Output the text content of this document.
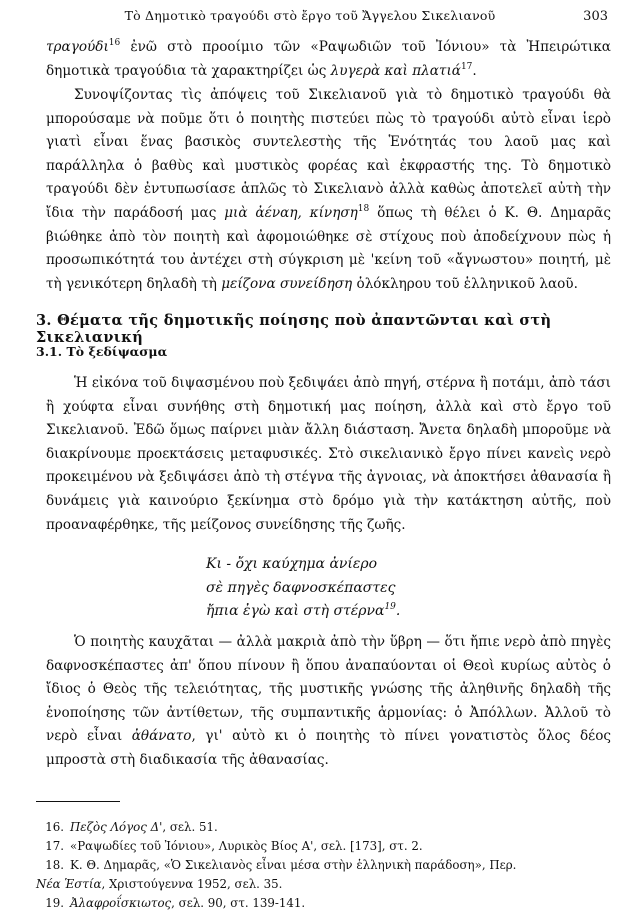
Τὸ Δημοτικὸ τραγούδι στὸ ἔργο τοῦ Ἄγγελου Σικελιανοῦ	303

τραγούδι$^{16}$ ἐνῶ στὸ προοίμιο τῶν «Ραψωδιῶν τοῦ Ἰόνιου» τὰ Ἠπειρώτικα δημοτικὰ τραγούδια τὰ χαρακτηρίζει ὡς λυγερὰ καὶ πλατιά$^{17}$.

Συνοψίζοντας τὶς ἀπόψεις τοῦ Σικελιανοῦ γιὰ τὸ δημοτικὸ τραγούδι θὰ μπορούσαμε νὰ ποῦμε ὅτι ὁ ποιητὴς πιστεύει πὼς τὸ τραγούδι αὐτὸ εἶναι ἱερὸ γιατὶ εἶναι ἕνας βασικὸς συντελεστὴς τῆς Ἑνότητάς του λαοῦ μας καὶ παράλληλα ὁ βαθὺς καὶ μυστικὸς φορέας καὶ ἐκφραστής της. Τὸ δημοτικὸ τραγούδι δὲν ἐντυπωσίασε ἁπλῶς τὸ Σικελιανὸ ἀλλὰ καθὼς ἀποτελεῖ αὐτὴ τὴν ἴδια τὴν παράδοσή μας μιὰ ἀέναη, κίνηση$^{18}$ ὅπως τὴ θέλει ὁ Κ. Θ. Δημαρᾶς βιώθηκε ἀπὸ τὸν ποιητὴ καὶ ἀφομοιώθηκε σὲ στίχους ποὺ ἀποδείχνουν πὼς ἡ προσωπικότητά του ἀντέχει στὴ σύγκριση μὲ 'κείνη τοῦ «ἄγνωστου» ποιητή, μὲ τὴ γενικότερη δηλαδὴ τὴ μείζονα συνείδηση ὁλόκληρου τοῦ ἑλληνικοῦ λαοῦ.

3. Θέματα τῆς δημοτικῆς ποίησης ποὺ ἀπαντῶνται καὶ στὴ Σικελιανική
3.1. Τὸ ξεδίψασμα

Ἡ εἰκόνα τοῦ διψασμένου ποὺ ξεδιψάει ἀπὸ πηγή, στέρνα ἢ ποτάμι, ἀπὸ τάσι ἢ χούφτα εἶναι συνήθης στὴ δημοτική μας ποίηση, ἀλλὰ καὶ στὸ ἔργο τοῦ Σικελιανοῦ. Ἐδῶ ὅμως παίρνει μιὰν ἄλλη διάσταση. Ἄνετα δηλαδὴ μποροῦμε νὰ διακρίνουμε προεκτάσεις μεταφυσικές. Στὸ σικελιανικὸ ἔργο πίνει κανεὶς νερὸ προκειμένου νὰ ξεδιψάσει ἀπὸ τὴ στέγνα τῆς ἀγνοιας, νὰ ἀποκτήσει ἀθανασία ἢ δυνάμεις γιὰ καινούριο ξεκίνημα στὸ δρόμο γιὰ τὴν κατάκτηση αὐτῆς, ποὺ προαναφέρθηκε, τῆς μείζονος συνείδησης τῆς ζωῆς.

Κι - ὄχι καύχημα ἀνίερο
σὲ πηγὲς δαφνοσκέπαστες
ἤπια ἐγὼ καὶ στὴ στέρνα$^{19}$.

Ὁ ποιητὴς καυχᾶται — ἀλλὰ μακριὰ ἀπὸ τὴν ὕβρη — ὅτι ἤπιε νερὸ ἀπὸ πηγὲς δαφνοσκέπαστες ἀπ' ὅπου πίνουν ἢ ὅπου ἀναπαύονται οἱ Θεοὶ κυρίως αὐτὸς ὁ ἴδιος ὁ Θεὸς τῆς τελειότητας, τῆς μυστικῆς γνώσης τῆς ἀληθινῆς δηλαδὴ τῆς ἑνοποίησης τῶν ἀντίθετων, τῆς συμπαντικῆς ἁρμονίας: ὁ Ἀπόλλων. Ἀλλοῦ τὸ νερὸ εἶναι ἀθάνατο, γι' αὐτὸ κι ὁ ποιητὴς τὸ πίνει γονατιστὸς ὅλος δέος μπροστὰ στὴ διαδικασία τῆς ἀθανασίας.

16. Πεζὸς Λόγος Δ', σελ. 51.
17. «Ραψωδίες τοῦ Ἰόνιου», Λυρικὸς Βίος Α', σελ. [173], στ. 2.
18. Κ. Θ. Δημαρᾶς, «Ὁ Σικελιανὸς εἶναι μέσα στὴν ἑλληνικὴ παράδοση», Περ.
Νέα Ἑστία, Χριστούγεννα 1952, σελ. 35.
19. Ἀλαφροΐσκιωτος, σελ. 90, στ. 139-141.
